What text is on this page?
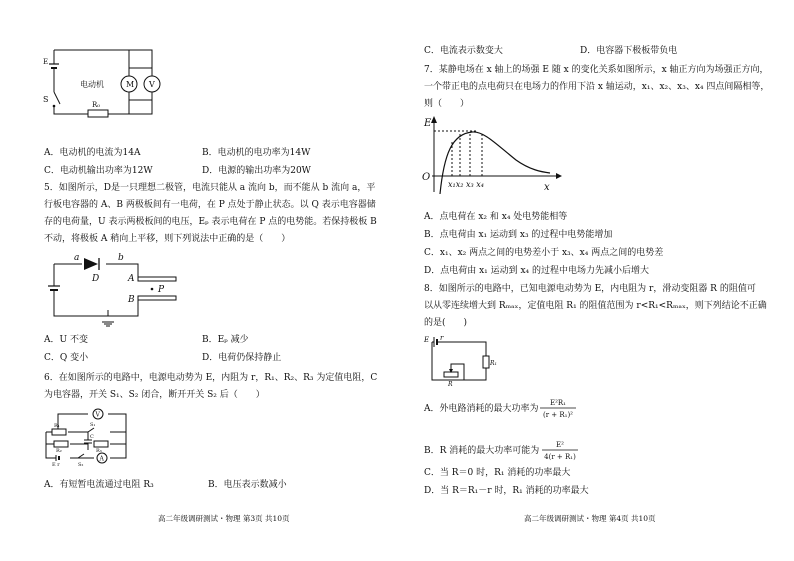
M V
电动机
E
S
R₀
A．电动机的电流为14A	B．电动机的电功率为14W
C．电动机输出功率为12W	D．电源的输出功率为20W
5．如图所示，D是一只理想二极管，电流只能从 a 流向 b，而不能从 b 流向 a，平
行板电容器的 A、B 两极板间有一电荷，在 P 点处于静止状态。以 Q 表示电容器储
存的电荷量，U 表示两极板间的电压，Eₚ 表示电荷在 P 点的电势能。若保持极板 B
不动，将极板 A 稍向上平移，则下列说法中正确的是（　　）
a	b
D	A
B
P
A．U 不变	B．Eₚ 减少
C．Q 变小	D．电荷仍保持静止
6．在如图所示的电路中，电源电动势为 E，内阻为 r，R₁、R₂、R₃ 为定值电阻，C
为电容器，开关 S₁、S₂ 闭合，断开开关 S₂ 后（　　）
V
A
R₁
R₂	R₃
C
S₁
S₂
E r
A．有短暂电流通过电阻 R₃	B．电压表示数减小
高二年级调研测试・物理 第3页 共10页
C．电流表示数变大	D．电容器下极板带负电
7．某静电场在 x 轴上的场强 E 随 x 的变化关系如图所示，x 轴正方向为场强正方向，
一个带正电的点电荷只在电场力的作用下沿 x 轴运动，x₁、x₂、x₃、x₄ 四点间隔相等，
则（　　）
E
O
x
x₁x₂ x₃ x₄
A．点电荷在 x₂ 和 x₄ 处电势能相等
B．点电荷由 x₁ 运动到 x₃ 的过程中电势能增加
C．x₁、x₂ 两点之间的电势差小于 x₃、x₄ 两点之间的电势差
D．点电荷由 x₁ 运动到 x₄ 的过程中电场力先减小后增大
8．如图所示的电路中，已知电源电动势为 E，内电阻为 r，滑动变阻器 R 的阻值可
以从零连续增大到 Rₘₐₓ，定值电阻 R₁ 的阻值范围为 r<R₁<Rₘₐₓ，则下列结论不正确
的是(　　)
E r
R₁
R
A．外电路消耗的最大功率为
E²R₁
(r + R₁)²
B．R 消耗的最大功率可能为
E²
4(r + R₁)
C．当 R＝0 时，R₁ 消耗的功率最大
D．当 R＝R₁－r 时，R₁ 消耗的功率最大
高二年级调研测试・物理 第4页 共10页
